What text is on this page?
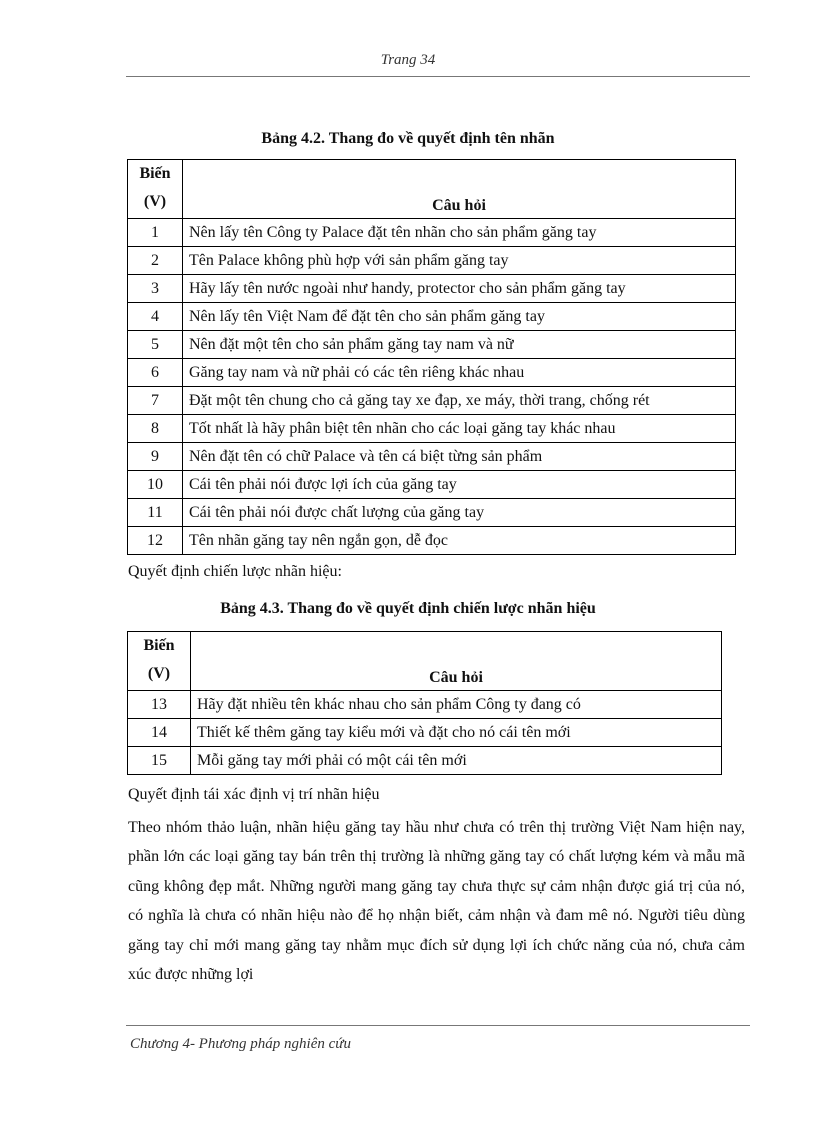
Trang 34
Bảng 4.2. Thang đo về quyết định tên nhãn
Biến
(V)	Câu hỏi
1	Nên lấy tên Công ty Palace đặt tên nhãn cho sản phẩm găng tay
2	Tên Palace không phù hợp với sản phẩm găng tay
3	Hãy lấy tên nước ngoài như handy, protector cho sản phẩm găng tay
4	Nên lấy tên Việt Nam để đặt tên cho sản phẩm găng tay
5	Nên đặt một tên cho sản phẩm găng tay nam và nữ
6	Găng tay nam và nữ phải có các tên riêng khác nhau
7	Đặt một tên chung cho cả găng tay xe đạp, xe máy, thời trang, chống rét
8	Tốt nhất là hãy phân biệt tên nhãn cho các loại găng tay khác nhau
9	Nên đặt tên có chữ Palace và tên cá biệt từng sản phẩm
10	Cái tên phải nói được lợi ích của găng tay
11	Cái tên phải nói được chất lượng của găng tay
12	Tên nhãn găng tay nên ngắn gọn, dễ đọc
Quyết định chiến lược nhãn hiệu:
Bảng 4.3. Thang đo về quyết định chiến lược nhãn hiệu
Biến
(V)	Câu hỏi
13	Hãy đặt nhiều tên khác nhau cho sản phẩm Công ty đang có
14	Thiết kế thêm găng tay kiểu mới và đặt cho nó cái tên mới
15	Mỗi găng tay mới phải có một cái tên mới
Quyết định tái xác định vị trí nhãn hiệu
Theo nhóm thảo luận, nhãn hiệu găng tay hầu như chưa có trên thị trường Việt Nam hiện nay, phần lớn các loại găng tay bán trên thị trường là những găng tay có chất lượng kém và mẫu mã cũng không đẹp mắt. Những người mang găng tay chưa thực sự cảm nhận được giá trị của nó, có nghĩa là chưa có nhãn hiệu nào để họ nhận biết, cảm nhận và đam mê nó. Người tiêu dùng găng tay chỉ mới mang găng tay nhằm mục đích sử dụng lợi ích chức năng của nó, chưa cảm xúc được những lợi
Chương 4- Phương pháp nghiên cứu
